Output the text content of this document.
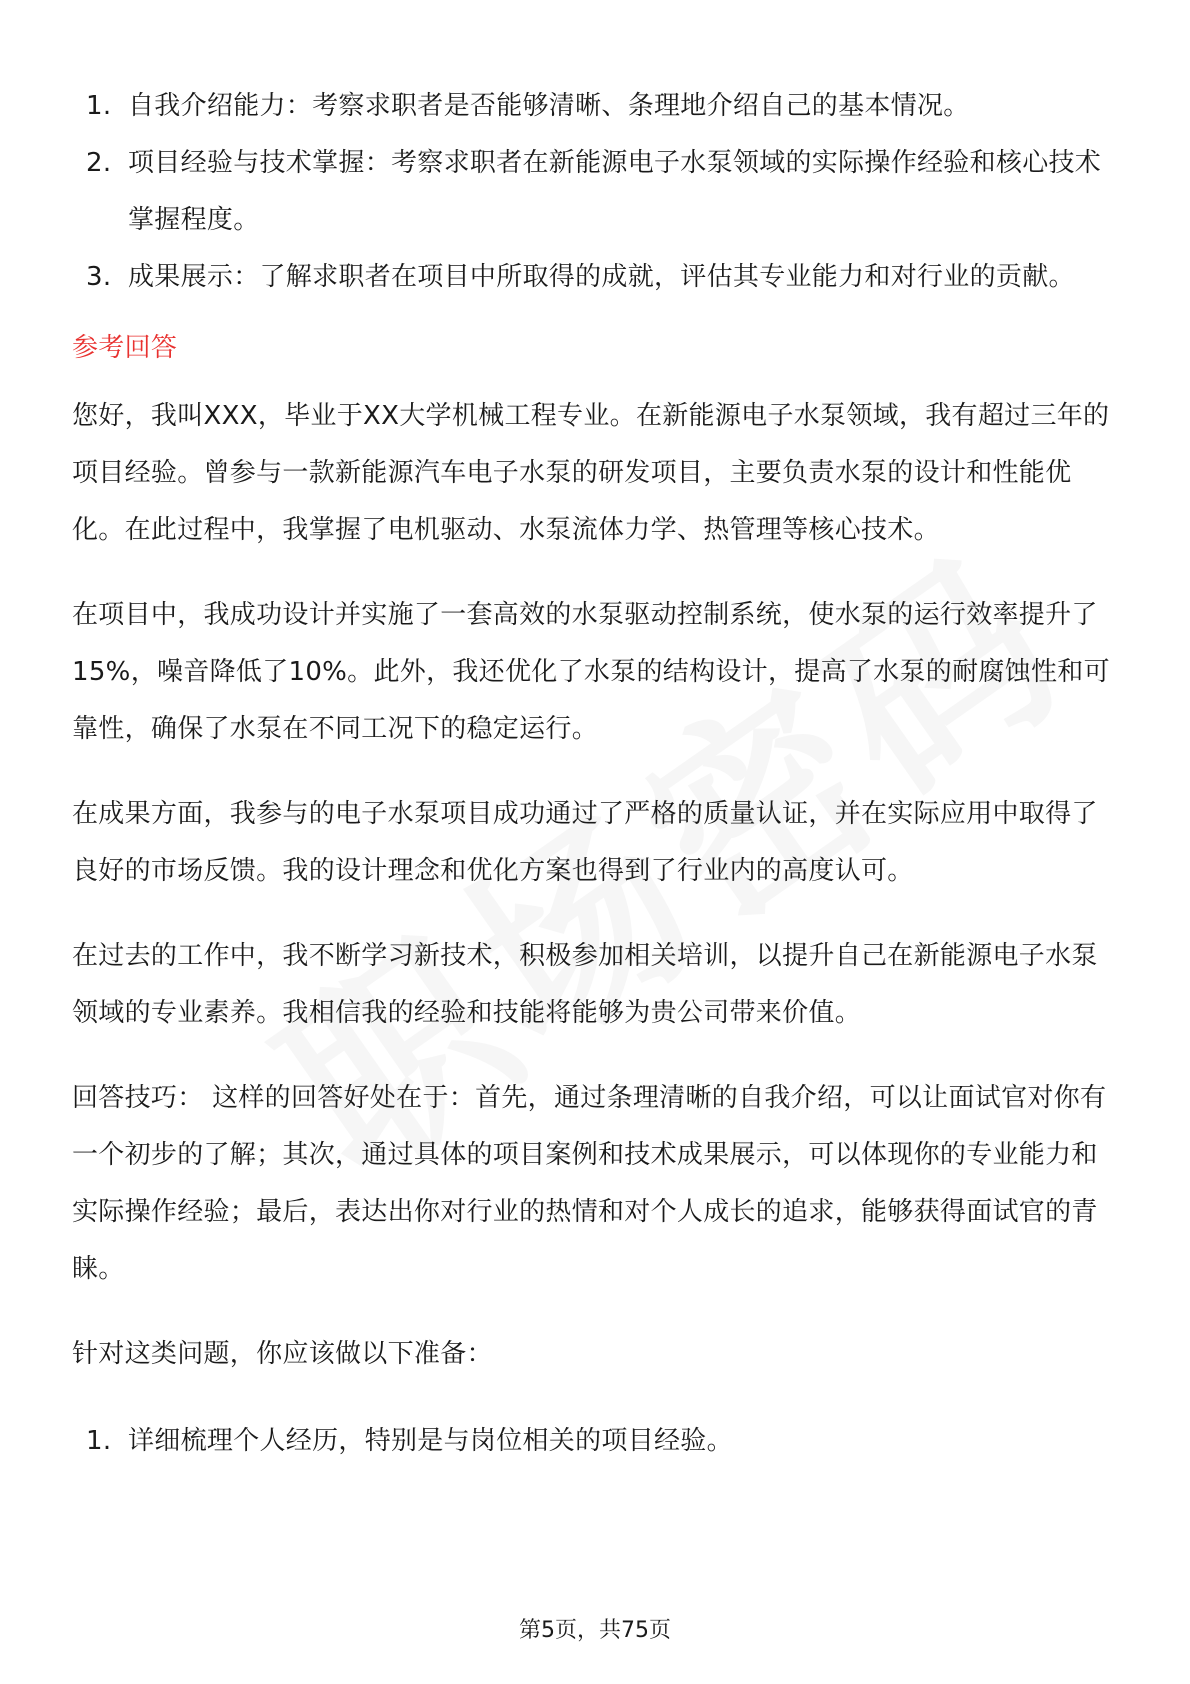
1. 自我介绍能力：考察求职者是否能够清晰、条理地介绍自己的基本情况。
2. 项目经验与技术掌握：考察求职者在新能源电子水泵领域的实际操作经验和核心技术掌握程度。
3. 成果展示：了解求职者在项目中所取得的成就，评估其专业能力和对行业的贡献。
参考回答

您好，我叫XXX，毕业于XX大学机械工程专业。在新能源电子水泵领域，我有超过三年的项目经验。曾参与一款新能源汽车电子水泵的研发项目，主要负责水泵的设计和性能优化。在此过程中，我掌握了电机驱动、水泵流体力学、热管理等核心技术。

在项目中，我成功设计并实施了一套高效的水泵驱动控制系统，使水泵的运行效率提升了15%，噪音降低了10%。此外，我还优化了水泵的结构设计，提高了水泵的耐腐蚀性和可靠性，确保了水泵在不同工况下的稳定运行。

在成果方面，我参与的电子水泵项目成功通过了严格的质量认证，并在实际应用中取得了良好的市场反馈。我的设计理念和优化方案也得到了行业内的高度认可。

在过去的工作中，我不断学习新技术，积极参加相关培训，以提升自己在新能源电子水泵领域的专业素养。我相信我的经验和技能将能够为贵公司带来价值。

回答技巧： 这样的回答好处在于：首先，通过条理清晰的自我介绍，可以让面试官对你有一个初步的了解；其次，通过具体的项目案例和技术成果展示，可以体现你的专业能力和实际操作经验；最后，表达出你对行业的热情和对个人成长的追求，能够获得面试官的青睐。

针对这类问题，你应该做以下准备：

1. 详细梳理个人经历，特别是与岗位相关的项目经验。
第5页，共75页
